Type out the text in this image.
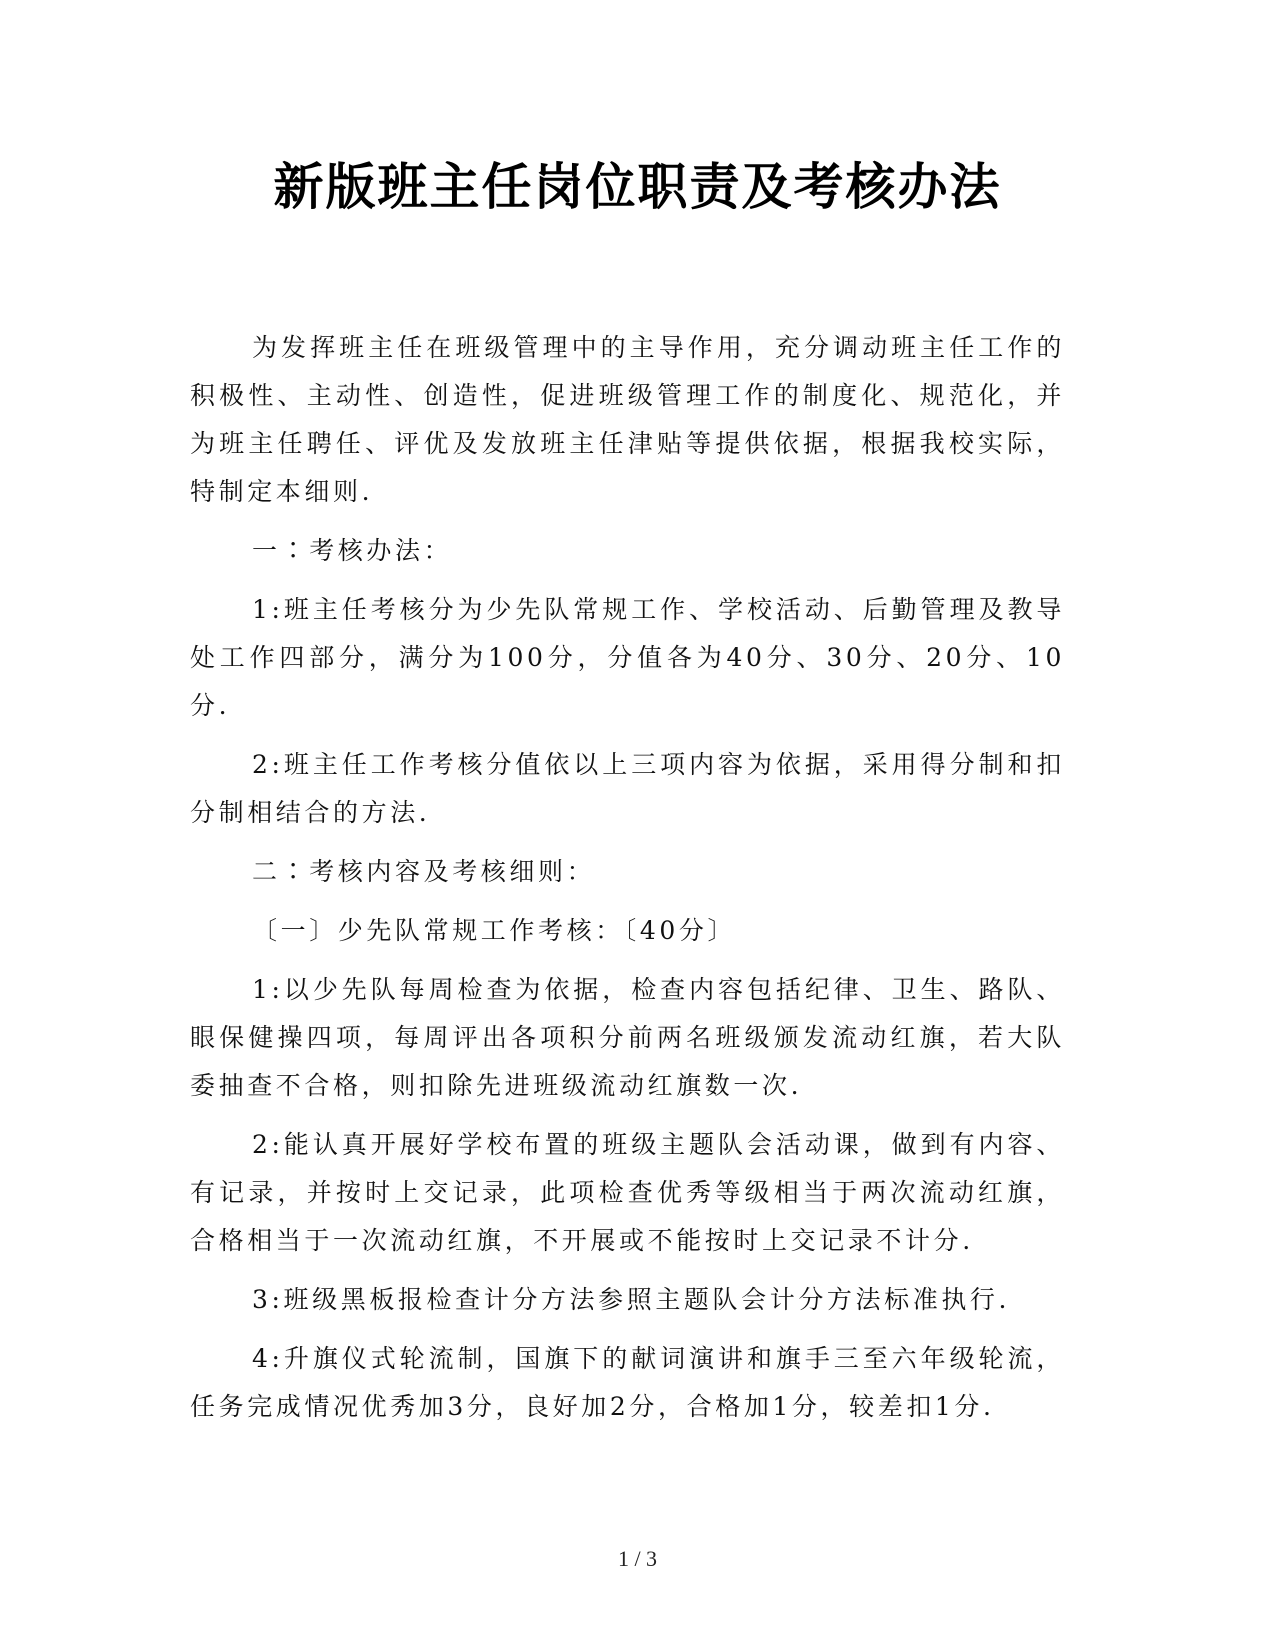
新版班主任岗位职责及考核办法

为发挥班主任在班级管理中的主导作用，充分调动班主任工作的积极性、主动性、创造性，促进班级管理工作的制度化、规范化，并为班主任聘任、评优及发放班主任津贴等提供依据，根据我校实际，特制定本细则.

一∶考核办法：

1:班主任考核分为少先队常规工作、学校活动、后勤管理及教导处工作四部分，满分为100分，分值各为40分、30分、20分、10分.

2:班主任工作考核分值依以上三项内容为依据，采用得分制和扣分制相结合的方法.

二∶考核内容及考核细则：

〔一〕少先队常规工作考核：〔40分〕

1:以少先队每周检查为依据，检查内容包括纪律、卫生、路队、眼保健操四项，每周评出各项积分前两名班级颁发流动红旗，若大队委抽查不合格，则扣除先进班级流动红旗数一次.

2:能认真开展好学校布置的班级主题队会活动课，做到有内容、有记录，并按时上交记录，此项检查优秀等级相当于两次流动红旗，合格相当于一次流动红旗，不开展或不能按时上交记录不计分.

3:班级黑板报检查计分方法参照主题队会计分方法标准执行.

4:升旗仪式轮流制，国旗下的献词演讲和旗手三至六年级轮流，任务完成情况优秀加3分，良好加2分，合格加1分，较差扣1分.

1 / 3
